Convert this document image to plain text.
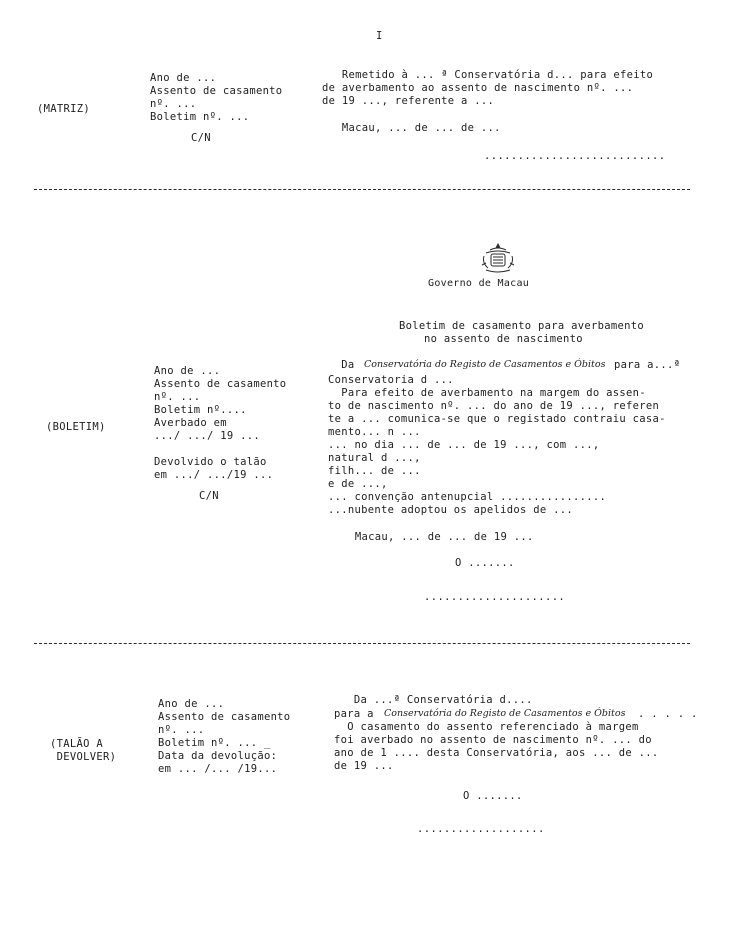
I
(MATRIZ)
Ano de ...
Assento de casamento
nº. ...
Boletim nº. ...
C/N
Remetido à ... ª Conservatória d... para efeito
de averbamento ao assento de nascimento nº. ...
de 19 ..., referente a ...
Macau, ... de ... de ...
...........................
Governo de Macau
Boletim de casamento para averbamento
no assento de nascimento
(BOLETIM)
Ano de ...
Assento de casamento
nº. ...
Boletim nº....
Averbado em
.../ .../ 19 ...
Devolvido o talão
em .../ .../19 ...
C/N
Da Conservatória do Registo de Casamentos e Óbitos para a...ª
Conservatoria d ...
Para efeito de averbamento na margem do assen-
to de nascimento nº. ... do ano de 19 ..., referen
te a ... comunica-se que o registado contraiu casa-
mento... n ...
... no dia ... de ... de 19 ..., com ...,
natural d ...,
filh... de ...
e de ...,
... convenção antenupcial ................
...nubente adoptou os apelidos de ...
Macau, ... de ... de 19 ...
O .......
.....................
(TALÃO A
DEVOLVER)
Ano de ...
Assento de casamento
nº. ...
Boletim nº. ... _
Data da devolução:
em ... /... /19...
Da ...ª Conservatória d....
para a Conservatória do Registo de Casamentos e Óbitos . . . . .
O casamento do assento referenciado à margem
foi averbado no assento de nascimento nº. ... do
ano de 1 .... desta Conservatória, aos ... de ...
de 19 ...
O .......
...................
